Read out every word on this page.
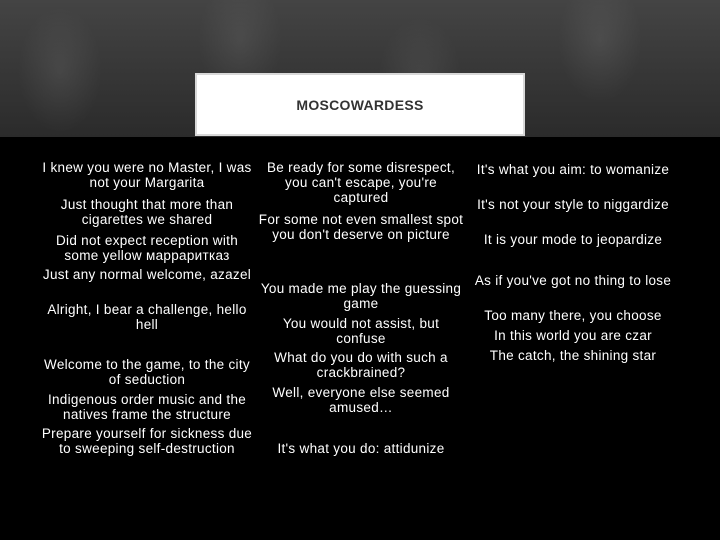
MOSCOWARDESS

I knew you were no Master, I was not your Margarita

Just thought that more than cigarettes we shared

Did not expect reception with some yellow марраритказ

Just any normal welcome, azazel

Alright, I bear a challenge, hello hell

Welcome to the game, to the city of seduction

Indigenous order music and the natives frame the structure

Prepare yourself for sickness due to sweeping self-destruction

Be ready for some disrespect, you can't escape, you're captured

For some not even smallest spot you don't deserve on picture

You made me play the guessing game

You would not assist, but confuse

What do you do with such a crackbrained?

Well, everyone else seemed amused…

It's what you do: attidunize

It's what you aim: to womanize

It's not your style to niggardize

It is your mode to jeopardize

As if you've got no thing to lose

Too many there, you choose

In this world you are czar

The catch, the shining star
